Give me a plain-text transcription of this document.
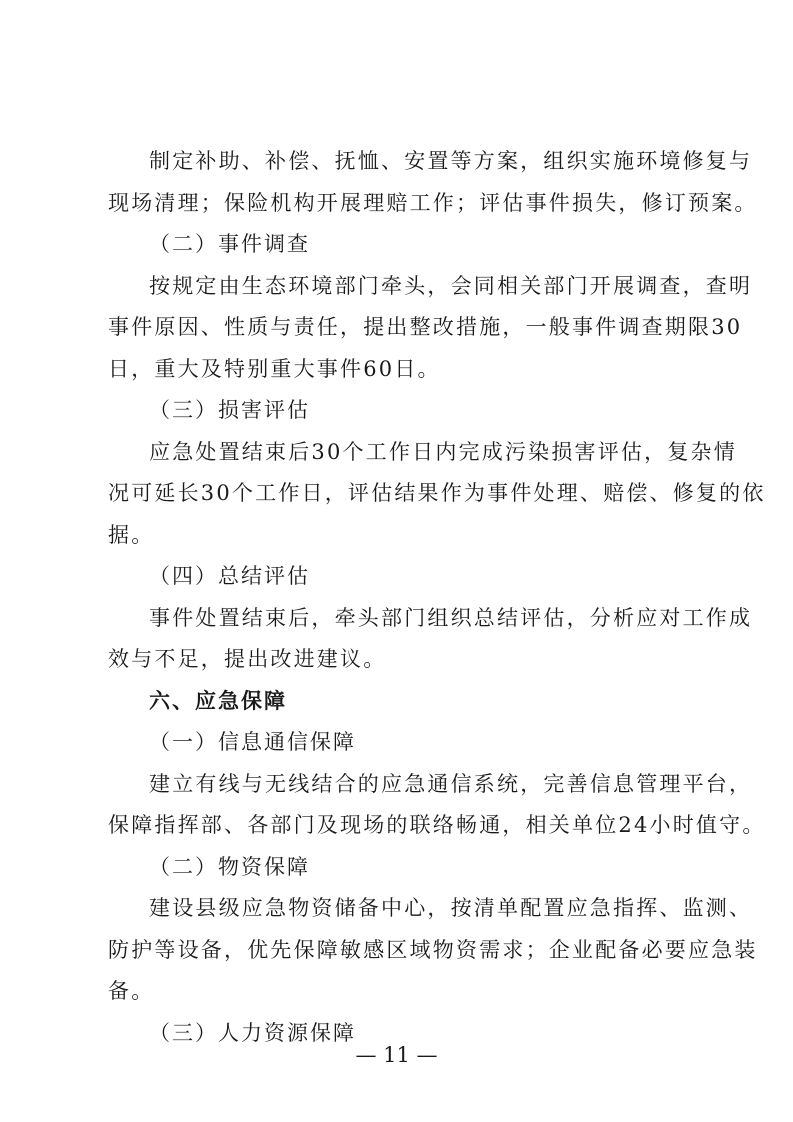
制定补助、补偿、抚恤、安置等方案，组织实施环境修复与

现场清理；保险机构开展理赔工作；评估事件损失，修订预案。

（二）事件调查

按规定由生态环境部门牵头，会同相关部门开展调查，查明

事件原因、性质与责任，提出整改措施，一般事件调查期限30

日，重大及特别重大事件60日。

（三）损害评估

应急处置结束后30个工作日内完成污染损害评估，复杂情

况可延长30个工作日，评估结果作为事件处理、赔偿、修复的依

据。

（四）总结评估

事件处置结束后，牵头部门组织总结评估，分析应对工作成

效与不足，提出改进建议。

六、应急保障

（一）信息通信保障

建立有线与无线结合的应急通信系统，完善信息管理平台，

保障指挥部、各部门及现场的联络畅通，相关单位24小时值守。

（二）物资保障

建设县级应急物资储备中心，按清单配置应急指挥、监测、

防护等设备，优先保障敏感区域物资需求；企业配备必要应急装

备。

（三）人力资源保障

— 11 —
